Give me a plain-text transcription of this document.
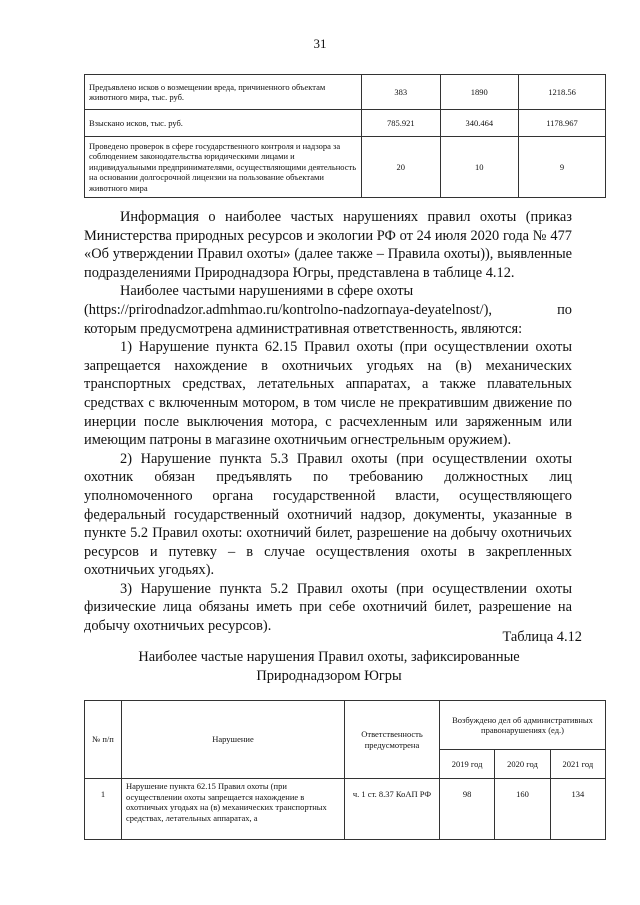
31
Предъявлено исков о возмещении вреда, причиненного объектам животного мира, тыс. руб.	383	1890	1218.56
Взыскано исков, тыс. руб.	785.921	340.464	1178.967
Проведено проверок в сфере государственного контроля и надзора за соблюдением законодательства юридическими лицами и индивидуальными предпринимателями, осуществляющими деятельность на основании долгосрочной лицензии на пользование объектами животного мира	20	10	9

Информация о наиболее частых нарушениях правил охоты (приказ Министерства природных ресурсов и экологии РФ от 24 июля 2020 года № 477 «Об утверждении Правил охоты» (далее также – Правила охоты)), выявленные подразделениями Природнадзора Югры, представлена в таблице 4.12.

Наиболее частыми нарушениями в сфере охоты

(https://prirodnadzor.admhmao.ru/kontrolno-nadzornaya-deyatelnost/),	по

которым предусмотрена административная ответственность, являются:

1) Нарушение пункта 62.15 Правил охоты (при осуществлении охоты запрещается нахождение в охотничьих угодьях на (в) механических транспортных средствах, летательных аппаратах, а также плавательных средствах с включенным мотором, в том числе не прекратившим движение по инерции после выключения мотора, с расчехленным или заряженным или имеющим патроны в магазине охотничьим огнестрельным оружием).

2) Нарушение пункта 5.3 Правил охоты (при осуществлении охоты охотник обязан предъявлять по требованию должностных лиц уполномоченного органа государственной власти, осуществляющего федеральный государственный охотничий надзор, документы, указанные в пункте 5.2 Правил охоты: охотничий билет, разрешение на добычу охотничьих ресурсов и путевку – в случае осуществления охоты в закрепленных охотничьих угодьях).

3) Нарушение пункта 5.2 Правил охоты (при осуществлении охоты физические лица обязаны иметь при себе охотничий билет, разрешение на добычу охотничьих ресурсов).

Таблица 4.12
Наиболее частые нарушения Правил охоты, зафиксированные
Природнадзором Югры
№ п/п	Нарушение	Ответственность предусмотрена	Возбуждено дел об административных правонарушениях (ед.)		
			2019 год	2020 год	2021 год
1	Нарушение пункта 62.15 Правил охоты (при осуществлении охоты запрещается нахождение в охотничьих угодьях на (в) механических транспортных средствах, летательных аппаратах, а	ч. 1 ст. 8.37 КоАП РФ	98	160	134
